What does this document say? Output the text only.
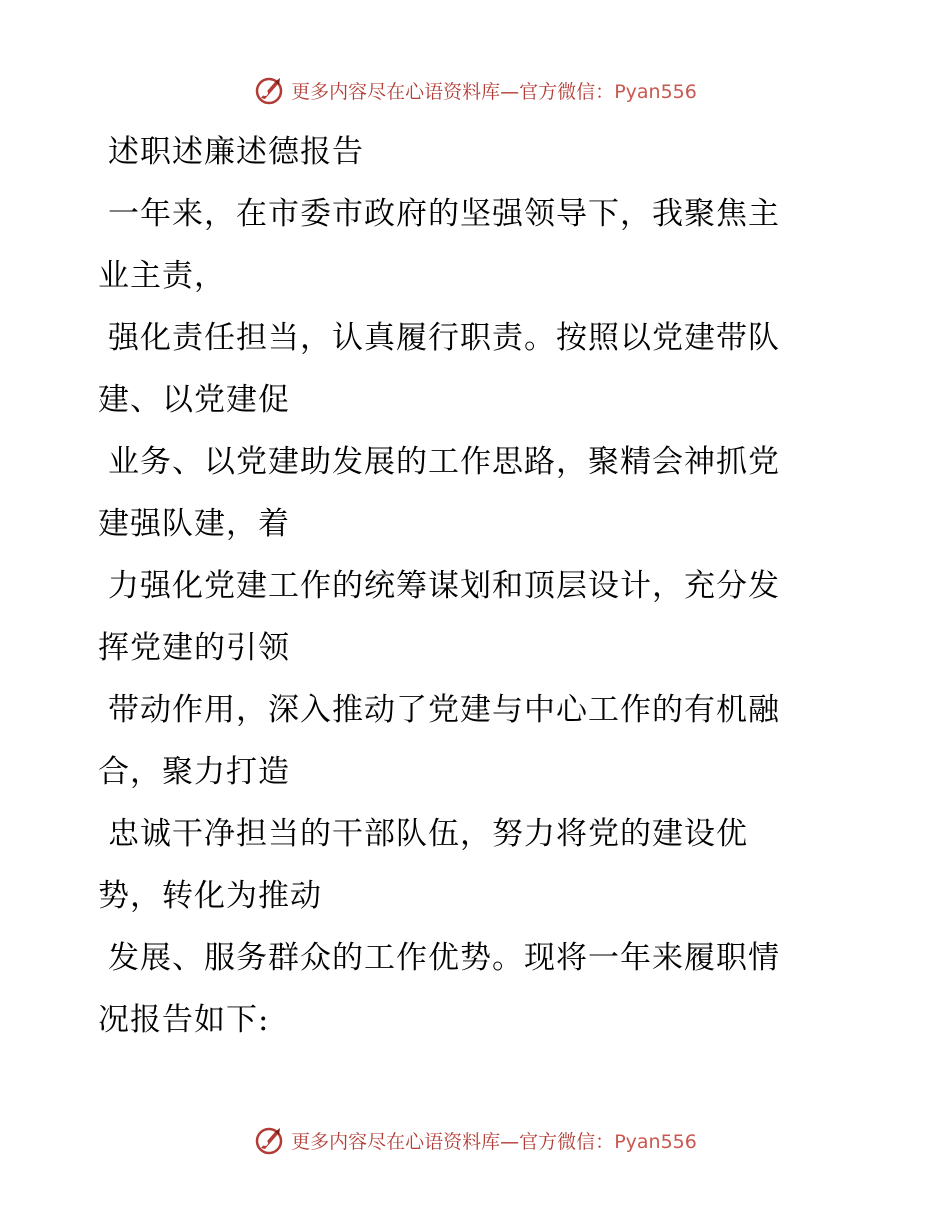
更多内容尽在心语资料库—官方微信：Pyan556
述职述廉述德报告
一年来，在市委市政府的坚强领导下，我聚焦主
业主责，
强化责任担当，认真履行职责。按照以党建带队
建、以党建促
业务、以党建助发展的工作思路，聚精会神抓党
建强队建，着
力强化党建工作的统筹谋划和顶层设计，充分发
挥党建的引领
带动作用，深入推动了党建与中心工作的有机融
合，聚力打造
忠诚干净担当的干部队伍，努力将党的建设优
势，转化为推动
发展、服务群众的工作优势。现将一年来履职情
况报告如下:
更多内容尽在心语资料库—官方微信：Pyan556
